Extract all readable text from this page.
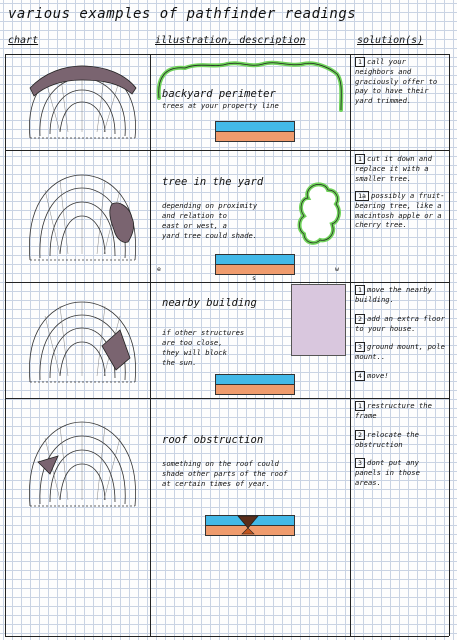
various examples of pathfinder readings
chart	illustration, description	solution(s)
backyard perimeter
trees at your property line
1 call your neighbors and graciously offer to pay to have their yard trimmed.
tree in the yard
depending on proximity
and relation to
east or west, a
yard tree could shade.
e
s
w
1 cut it down and replace it with a smaller tree.
1a possibly a fruit-bearing tree, like a macintosh apple or a cherry tree.
nearby building
if other structures
are too close,
they will block
the sun.
1 move the nearby building.
2 add an extra floor to your house.
3 ground mount, pole mount..
4 move!
roof obstruction
something on the roof could
shade other parts of the roof
at certain times of year.
1 restructure the frame
2 relocate the obstruction
3 dont put any panels in those areas.
